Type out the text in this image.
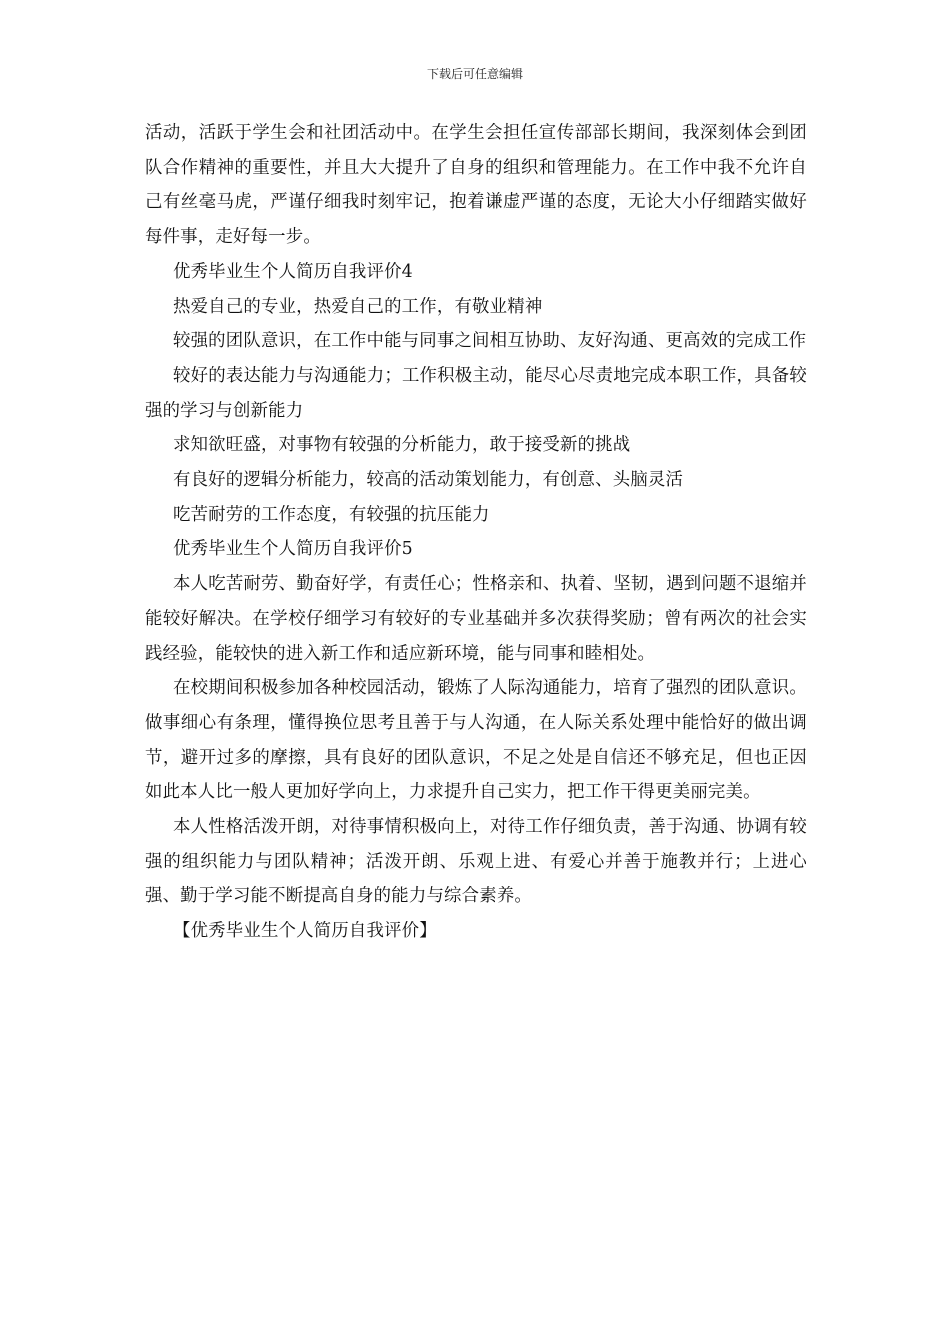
下载后可任意编辑

活动，活跃于学生会和社团活动中。在学生会担任宣传部部长期间，我深刻体会到团队合作精神的重要性，并且大大提升了自身的组织和管理能力。在工作中我不允许自己有丝毫马虎，严谨仔细我时刻牢记，抱着谦虚严谨的态度，无论大小仔细踏实做好每件事，走好每一步。

优秀毕业生个人简历自我评价4

热爱自己的专业，热爱自己的工作，有敬业精神

较强的团队意识，在工作中能与同事之间相互协助、友好沟通、更高效的完成工作

较好的表达能力与沟通能力；工作积极主动，能尽心尽责地完成本职工作，具备较强的学习与创新能力

求知欲旺盛，对事物有较强的分析能力，敢于接受新的挑战

有良好的逻辑分析能力，较高的活动策划能力，有创意、头脑灵活

吃苦耐劳的工作态度，有较强的抗压能力

优秀毕业生个人简历自我评价5

本人吃苦耐劳、勤奋好学，有责任心；性格亲和、执着、坚韧，遇到问题不退缩并能较好解决。在学校仔细学习有较好的专业基础并多次获得奖励；曾有两次的社会实践经验，能较快的进入新工作和适应新环境，能与同事和睦相处。

在校期间积极参加各种校园活动，锻炼了人际沟通能力，培育了强烈的团队意识。做事细心有条理，懂得换位思考且善于与人沟通，在人际关系处理中能恰好的做出调节，避开过多的摩擦，具有良好的团队意识，不足之处是自信还不够充足，但也正因如此本人比一般人更加好学向上，力求提升自己实力，把工作干得更美丽完美。

本人性格活泼开朗，对待事情积极向上，对待工作仔细负责，善于沟通、协调有较强的组织能力与团队精神；活泼开朗、乐观上进、有爱心并善于施教并行；上进心强、勤于学习能不断提高自身的能力与综合素养。

【优秀毕业生个人简历自我评价】
